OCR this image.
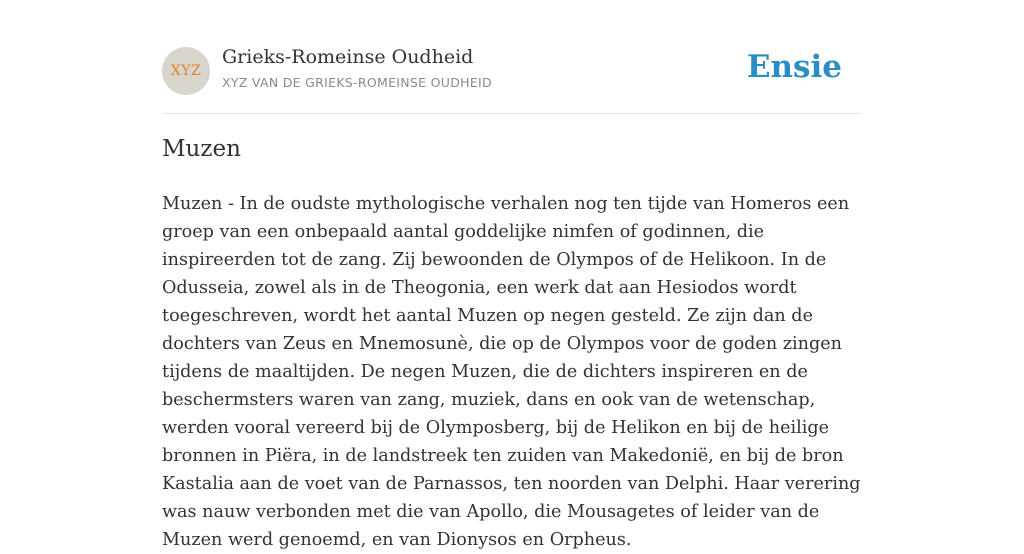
XYZ
Grieks-Romeinse Oudheid
XYZ VAN DE GRIEKS-ROMEINSE OUDHEID	Ensie
Muzen

Muzen - In de oudste mythologische verhalen nog ten tijde van Homeros een groep van een onbepaald aantal goddelijke nimfen of godinnen, die inspireerden tot de zang. Zij bewoonden de Olympos of de Helikoon. In de Odusseia, zowel als in de Theogonia, een werk dat aan Hesiodos wordt toegeschreven, wordt het aantal Muzen op negen gesteld. Ze zijn dan de dochters van Zeus en Mnemosunè, die op de Olympos voor de goden zingen tijdens de maaltijden. De negen Muzen, die de dichters inspireren en de beschermsters waren van zang, muziek, dans en ook van de wetenschap, werden vooral vereerd bij de Olymposberg, bij de Helikon en bij de heilige bronnen in Piëra, in de landstreek ten zuiden van Makedonië, en bij de bron Kastalia aan de voet van de Parnassos, ten noorden van Delphi. Haar verering was nauw verbonden met die van Apollo, die Mousagetes of leider van de Muzen werd genoemd, en van Dionysos en Orpheus.
